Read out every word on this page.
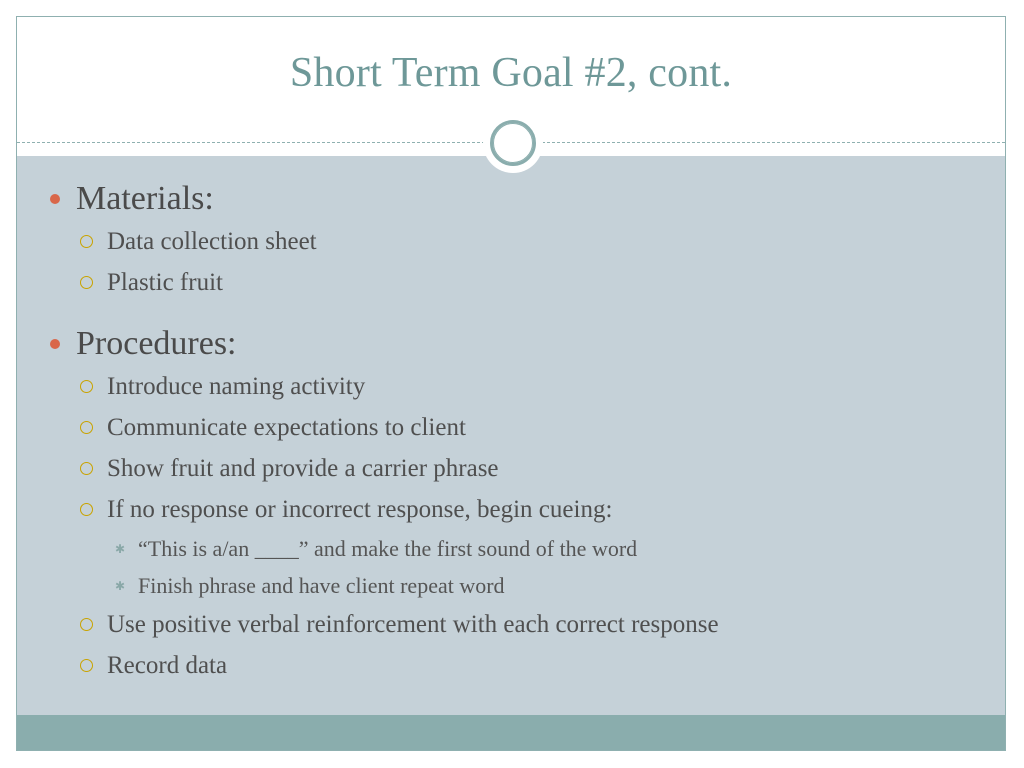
Short Term Goal #2, cont.
Materials:
Data collection sheet
Plastic fruit
Procedures:
Introduce naming activity
Communicate expectations to client
Show fruit and provide a carrier phrase
If no response or incorrect response, begin cueing:
✱ “This is a/an ____” and make the first sound of the word
✱ Finish phrase and have client repeat word
Use positive verbal reinforcement with each correct response
Record data
